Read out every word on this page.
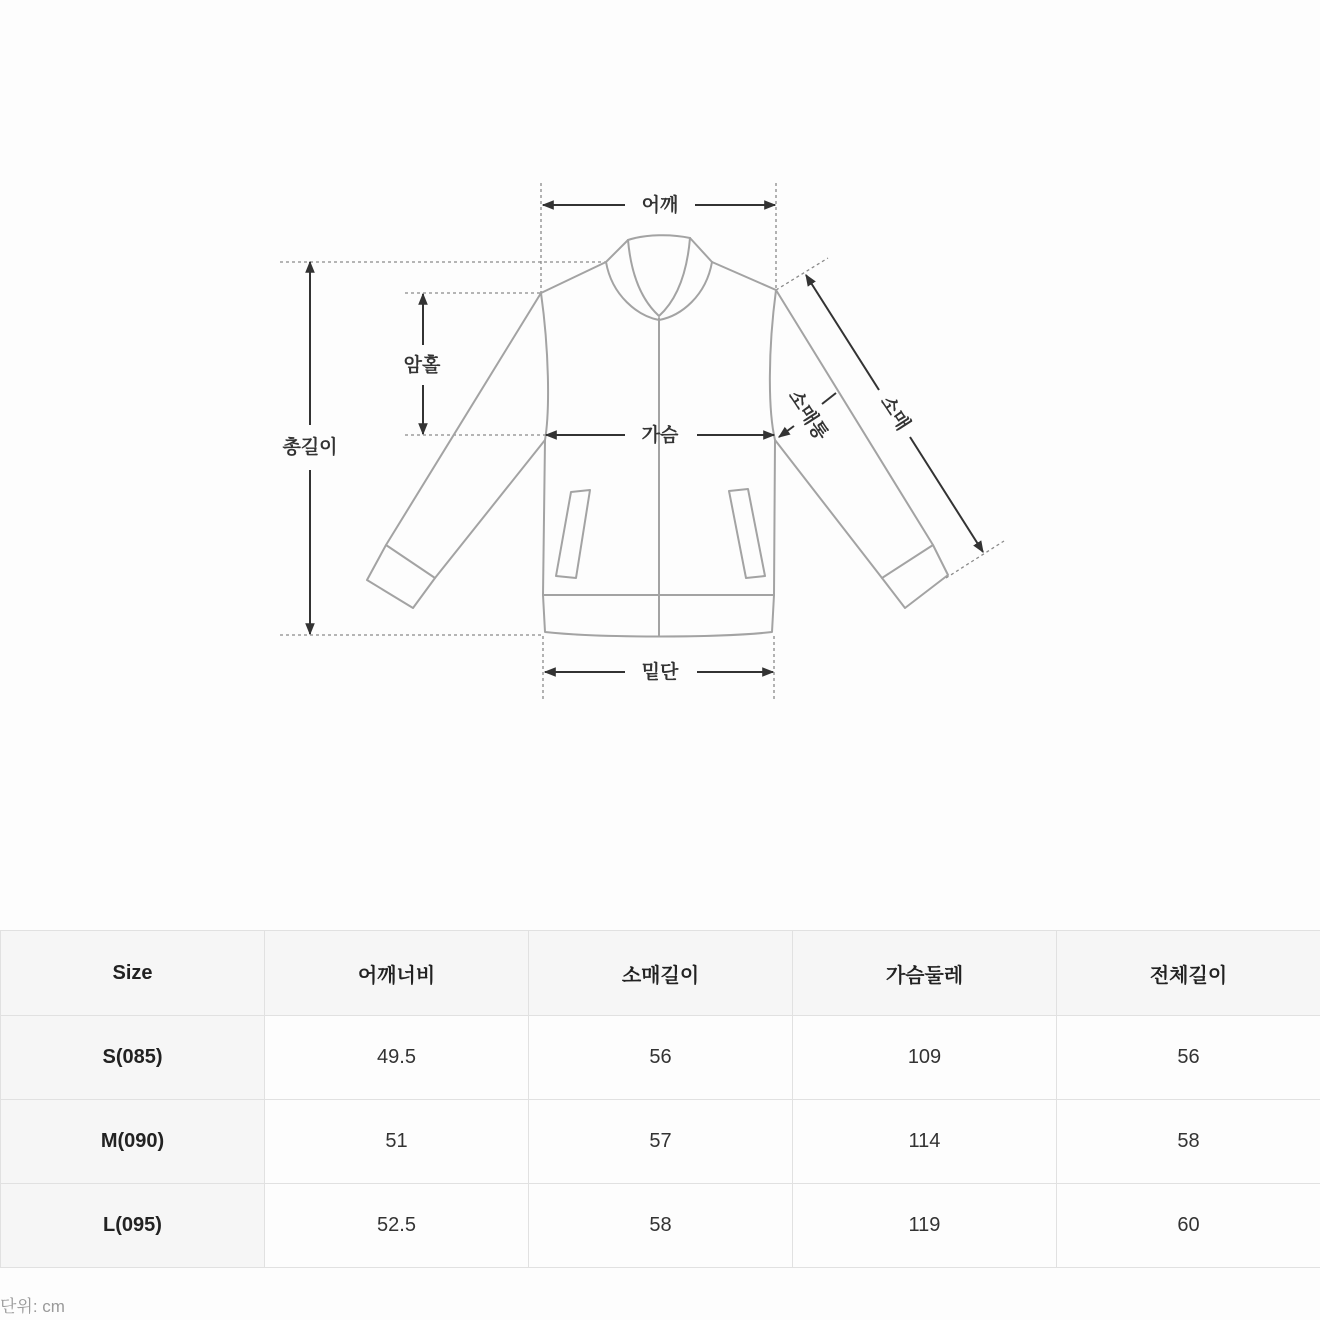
어깨
총길이
암홀
가슴
밑단
소매
소매통
Size	어깨너비	소매길이	가슴둘레	전체길이
S(085)	49.5	56	109	56
M(090)	51	57	114	58
L(095)	52.5	58	119	60
단위: cm
